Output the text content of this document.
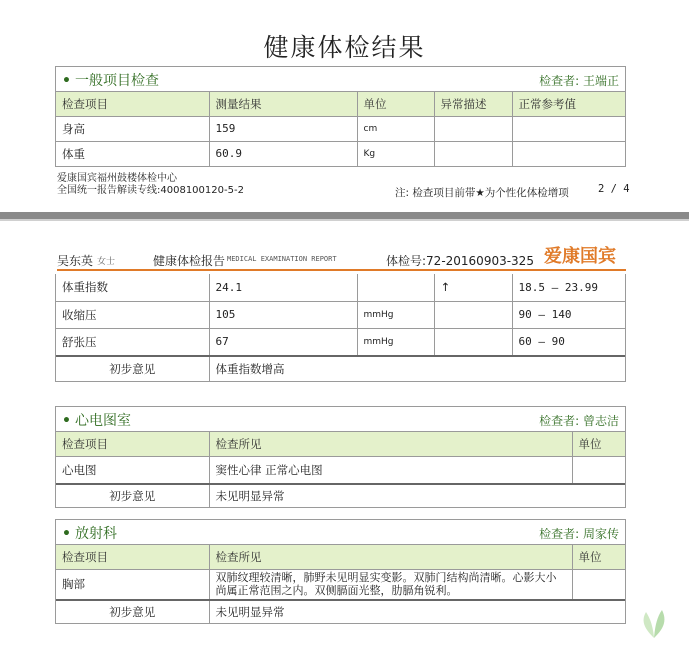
健康体检结果
• 一般项目检查	检查者: 王端正
检查项目	测量结果	单位	异常描述	正常参考值
身高	159	cm		
体重	60.9	Kg		
爱康国宾福州鼓楼体检中心
全国统一报告解读专线:4008100120-5-2	注: 检查项目前带★为个性化体检增项	2 / 4
吴东英 女士	健康体检报告 MEDICAL EXAMINATION REPORT	体检号:72-20160903-325 爱康国宾
体重指数	24.1		↑	18.5 — 23.99
收缩压	105	mmHg		90 — 140
舒张压	67	mmHg		60 — 90
初步意见	体重指数增高
• 心电图室	检查者: 曾志洁
检查项目	检查所见	单位
心电图	窦性心律 正常心电图	
初步意见	未见明显异常
• 放射科	检查者: 周家传
检查项目	检查所见	单位
胸部	双肺纹理较清晰，肺野未见明显实变影。双肺门结构尚清晰。心影大小尚属正常范围之内。双侧膈面光整，肋膈角锐利。	
初步意见	未见明显异常
